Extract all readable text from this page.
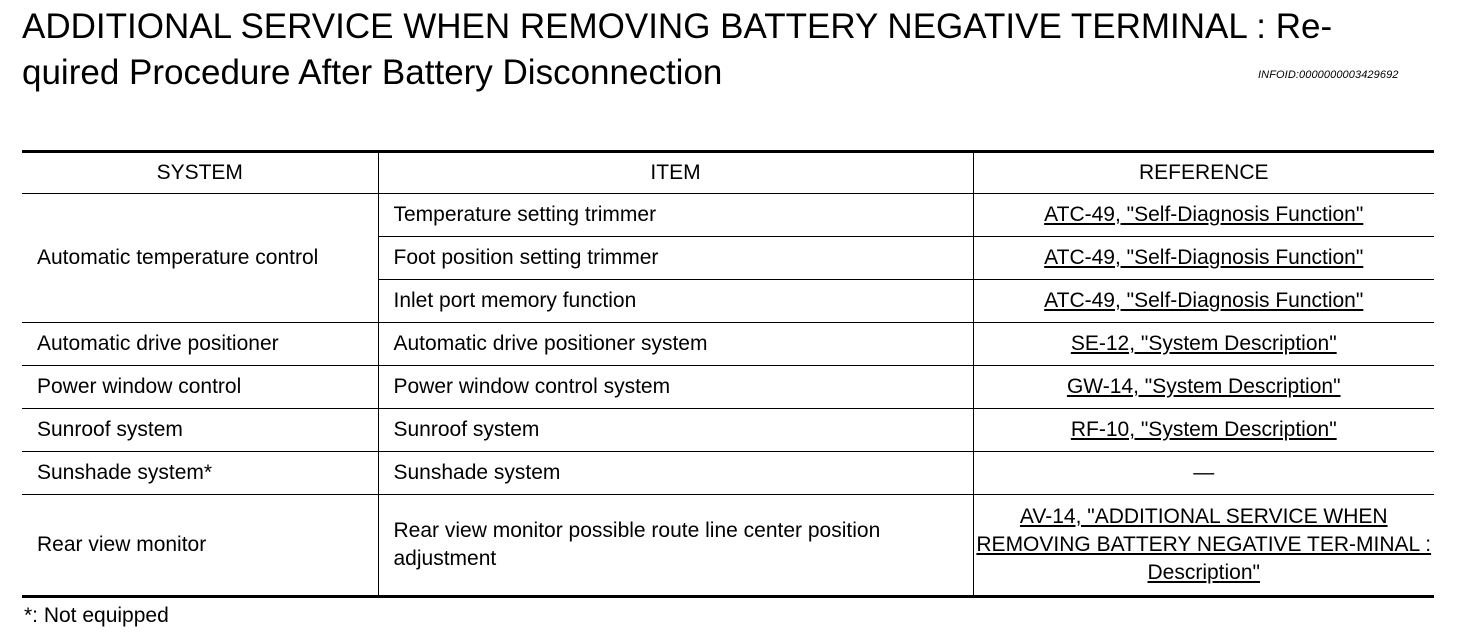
ADDITIONAL SERVICE WHEN REMOVING BATTERY NEGATIVE TERMINAL : Re-
quired Procedure After Battery Disconnection	INFOID:0000000003429692
SYSTEM	ITEM	REFERENCE
Automatic temperature control	Temperature setting trimmer	ATC-49, "Self-Diagnosis Function"
	Foot position setting trimmer	ATC-49, "Self-Diagnosis Function"
	Inlet port memory function	ATC-49, "Self-Diagnosis Function"
Automatic drive positioner	Automatic drive positioner system	SE-12, "System Description"
Power window control	Power window control system	GW-14, "System Description"
Sunroof system	Sunroof system	RF-10, "System Description"
Sunshade system*	Sunshade system	—
Rear view monitor	Rear view monitor possible route line center position adjustment	AV-14, "ADDITIONAL SERVICE WHEN REMOVING BATTERY NEGATIVE TER-MINAL : Description"
*: Not equipped
